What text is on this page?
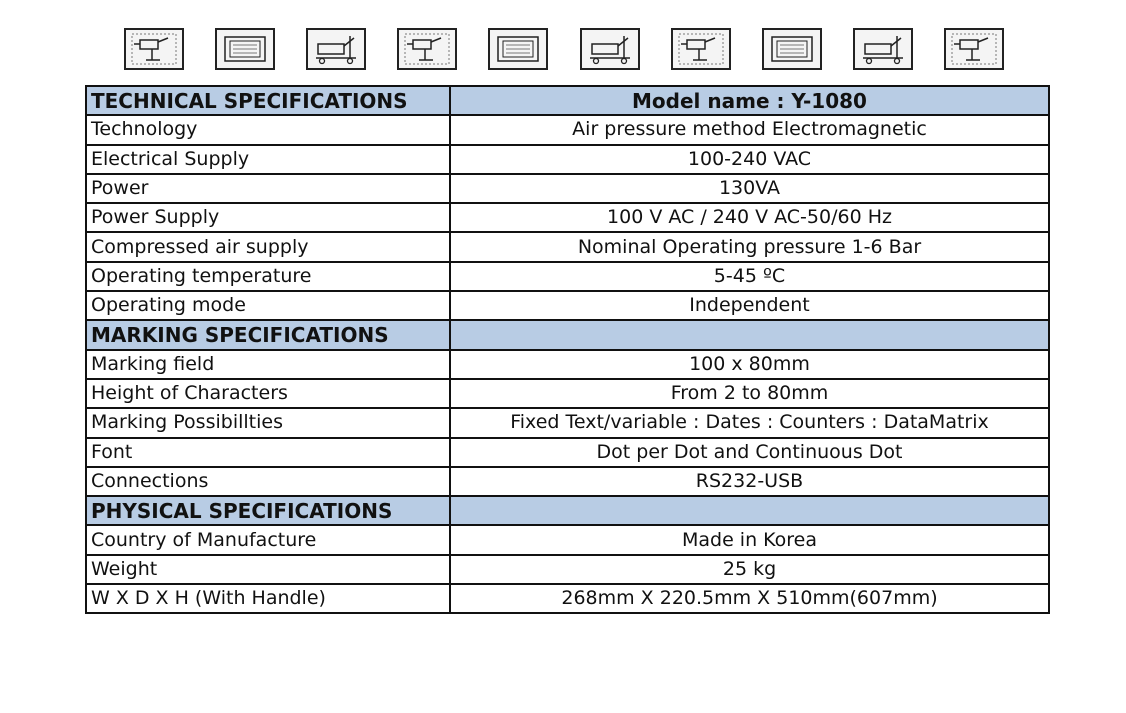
TECHNICAL SPECIFICATIONS	Model name : Y-1080
Technology	Air pressure method Electromagnetic
Electrical Supply	100-240 VAC
Power	130VA
Power Supply	100 V AC / 240 V AC-50/60 Hz
Compressed air supply	Nominal Operating pressure 1-6 Bar
Operating temperature	5-45 ºC
Operating mode	Independent
MARKING SPECIFICATIONS	
Marking field	100 x 80mm
Height of Characters	From 2 to 80mm
Marking Possibillties	Fixed Text/variable : Dates : Counters : DataMatrix
Font	Dot per Dot and Continuous Dot
Connections	RS232-USB
PHYSICAL SPECIFICATIONS	
Country of Manufacture	Made in Korea
Weight	25 kg
W X D X H (With Handle)	268mm X 220.5mm X 510mm(607mm)
